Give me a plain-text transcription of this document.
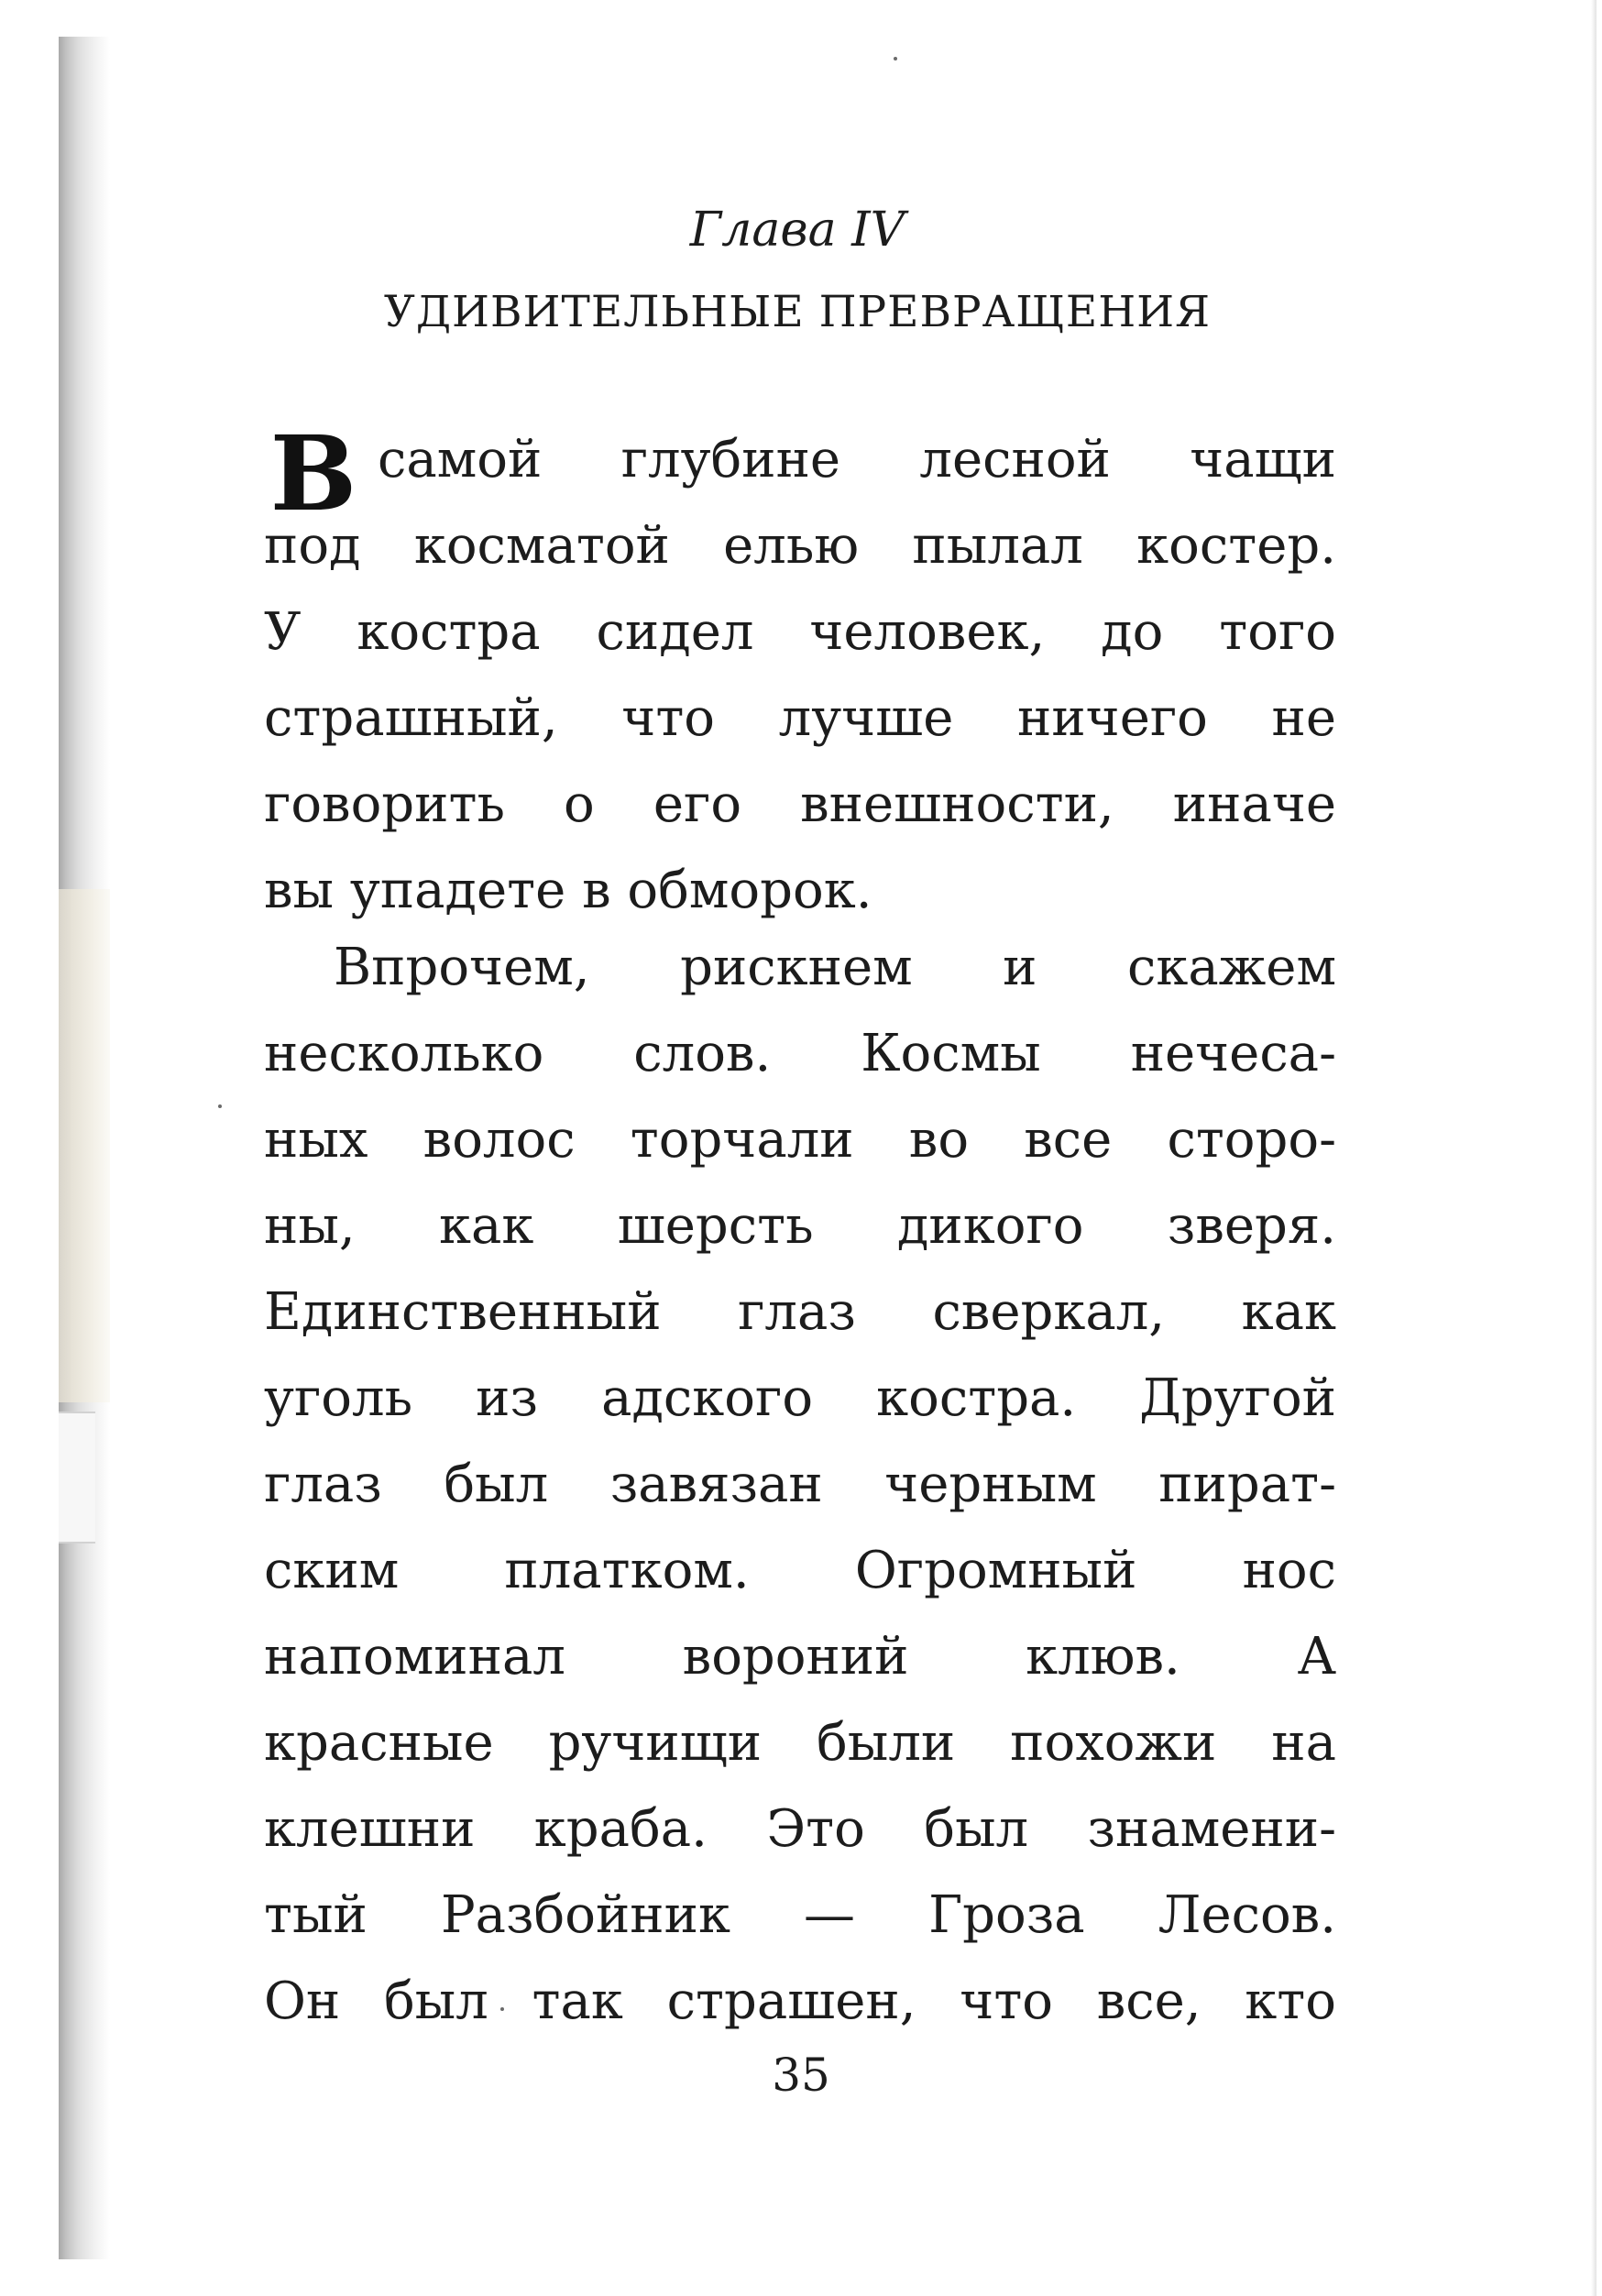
Глава IV
УДИВИТЕЛЬНЫЕ ПРЕВРАЩЕНИЯ
В самой глубине лесной чащи
под косматой елью пылал костер.
У костра сидел человек, до того
страшный, что лучше ничего не
говорить о его внешности, иначе
вы упадете в обморок.
Впрочем, рискнем и скажем
несколько слов. Космы нечеса-
ных волос торчали во все сторо-
ны, как шерсть дикого зверя.
Единственный глаз сверкал, как
уголь из адского костра. Другой
глаз был завязан черным пират-
ским платком. Огромный нос
напоминал вороний клюв. А
красные ручищи были похожи на
клешни краба. Это был знамени-
тый Разбойник — Гроза Лесов.
Он был так страшен, что все, кто
35
